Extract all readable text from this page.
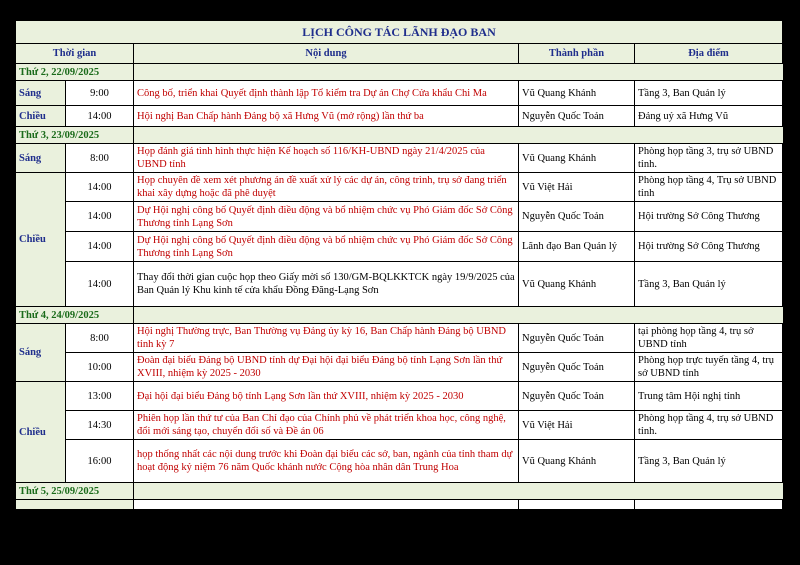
LỊCH CÔNG TÁC LÃNH ĐẠO BAN				
Thời gian		Nội dung	Thành phần	Địa điểm
Thứ 2, 22/09/2025				
Sáng	9:00	Công bố, triển khai Quyết định thành lập Tổ kiểm tra Dự án Chợ Cửa khẩu Chi Ma	Vũ Quang Khánh	Tầng 3, Ban Quản lý
Chiều	14:00	Hội nghị Ban Chấp hành Đảng bộ xã Hưng Vũ (mở rộng) lần thứ ba	Nguyễn Quốc Toản	Đảng uỷ xã Hưng Vũ
Thứ 3, 23/09/2025				
Sáng	8:00	Họp đánh giá tình hình thực hiện Kế hoạch số 116/KH-UBND ngày 21/4/2025 của UBND tỉnh	Vũ Quang Khánh	Phòng họp tầng 3, trụ sở UBND tỉnh.
Chiều	14:00	Họp chuyên đề xem xét phương án đề xuất xử lý các dự án, công trình, trụ sở đang triển khai xây dựng hoặc đã phê duyệt	Vũ Việt Hải	Phòng họp tầng 4, Trụ sở UBND tỉnh
	14:00	Dự Hội nghị công bố Quyết định điều động và bổ nhiệm chức vụ Phó Giám đốc Sở Công Thương tỉnh Lạng Sơn	Nguyễn Quốc Toản	Hội trường Sở Công Thương
	14:00	Dự Hội nghị công bố Quyết định điều động và bổ nhiệm chức vụ Phó Giám đốc Sở Công Thương tỉnh Lạng Sơn	Lãnh đạo Ban Quản lý	Hội trường Sở Công Thương
	14:00	Thay đổi thời gian cuộc họp theo Giấy mời số 130/GM-BQLKKTCK ngày 19/9/2025 của Ban Quản lý Khu kinh tế cửa khẩu Đồng Đăng-Lạng Sơn	Vũ Quang Khánh	Tầng 3, Ban Quản lý
Thứ 4, 24/09/2025				
Sáng	8:00	Hội nghị Thường trực, Ban Thường vụ Đảng ủy kỳ 16, Ban Chấp hành Đảng bộ UBND tỉnh kỳ 7	Nguyễn Quốc Toản	tại phòng họp tầng 4, trụ sở UBND tỉnh
	10:00	Đoàn đại biểu Đảng bộ UBND tỉnh dự Đại hội đại biểu Đảng bộ tỉnh Lạng Sơn lần thứ XVIII, nhiệm kỳ 2025 - 2030	Nguyễn Quốc Toản	Phòng họp trực tuyến tầng 4, trụ sở UBND tỉnh
Chiều	13:00	Đại hội đại biểu Đảng bộ tỉnh Lạng Sơn lần thứ XVIII, nhiệm kỳ 2025 - 2030	Nguyễn Quốc Toản	Trung tâm Hội nghị tỉnh
	14:30	Phiên họp lần thứ tư của Ban Chỉ đạo của Chính phủ về phát triển khoa học, công nghệ, đổi mới sáng tạo, chuyển đổi số và Đề án 06	Vũ Việt Hải	Phòng họp tầng 4, trụ sở UBND tỉnh.
	16:00	họp thống nhất các nội dung trước khi Đoàn đại biểu các sở, ban, ngành của tỉnh tham dự hoạt động kỷ niệm 76 năm Quốc khánh nước Cộng hòa nhân dân Trung Hoa	Vũ Quang Khánh	Tầng 3, Ban Quản lý
Thứ 5, 25/09/2025				
